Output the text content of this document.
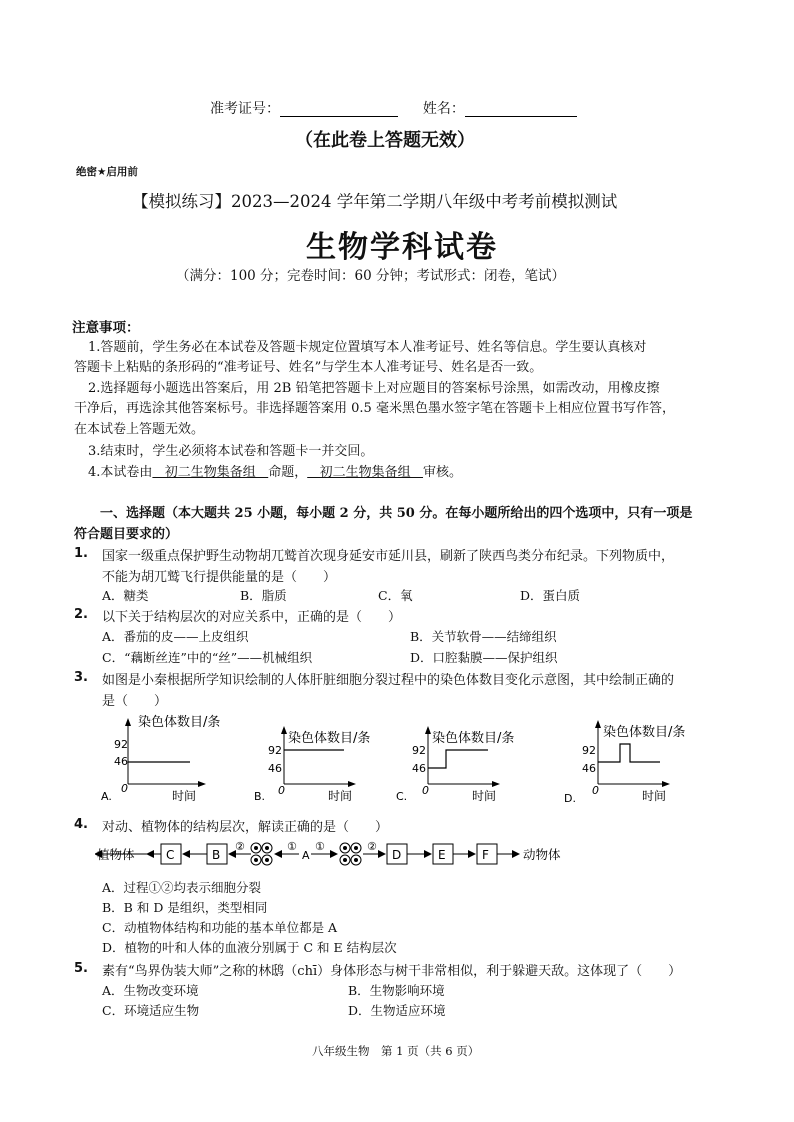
准考证号：	姓名：
（在此卷上答题无效）
绝密★启用前
【模拟练习】2023—2024 学年第二学期八年级中考考前模拟测试
生物学科试卷
（满分：100 分；完卷时间：60 分钟；考试形式：闭卷，笔试）
注意事项：

1.答题前，学生务必在本试卷及答题卡规定位置填写本人准考证号、姓名等信息。学生要认真核对

答题卡上粘贴的条形码的“准考证号、姓名”与学生本人准考证号、姓名是否一致。

2.选择题每小题选出答案后，用 2B 铅笔把答题卡上对应题目的答案标号涂黑，如需改动，用橡皮擦

干净后，再选涂其他答案标号。非选择题答案用 0.5 毫米黑色墨水签字笔在答题卡上相应位置书写作答，

在本试卷上答题无效。

3.结束时，学生必须将本试卷和答题卡一并交回。

4.本试卷由   初二生物集备组   命题，   初二生物集备组   审核。

一、选择题（本大题共 25 小题，每小题 2 分，共 50 分。在每小题所给出的四个选项中，只有一项是

符合题目要求的）

1. 国家一级重点保护野生动物胡兀鹫首次现身延安市延川县，刷新了陕西鸟类分布纪录。下列物质中，

不能为胡兀鹫飞行提供能量的是（　　）

A．糖类	B．脂质	C．氧	D．蛋白质
2. 以下关于结构层次的对应关系中，正确的是（　　）

A．番茄的皮——上皮组织	B．关节软骨——结缔组织
C．“藕断丝连”中的“丝”——机械组织	D．口腔黏膜——保护组织
3. 如图是小秦根据所学知识绘制的人体肝脏细胞分裂过程中的染色体数目变化示意图，其中绘制正确的

是（　　）

A.
染色体数目/条
92
46
0
时间	B.
染色体数目/条
92
46
0	时间	C.
染色体数目/条
92
46
0	时间	D.
染色体数目/条
92
46
0	时间
4. 对动、植物体的结构层次，解读正确的是（　　）

植物体	C	B
②	①
A
①	②
D	E	F	动物体
A．过程①②均表示细胞分裂
B．B 和 D 是组织，类型相同
C．动植物体结构和功能的基本单位都是 A
D．植物的叶和人体的血液分别属于 C 和 E 结构层次
5. 素有“鸟界伪装大师”之称的林鸱（chī）身体形态与树干非常相似，利于躲避天敌。这体现了（　　）

A．生物改变环境	B．生物影响环境
C．环境适应生物	D．生物适应环境
八年级生物　第 1 页（共 6 页）
